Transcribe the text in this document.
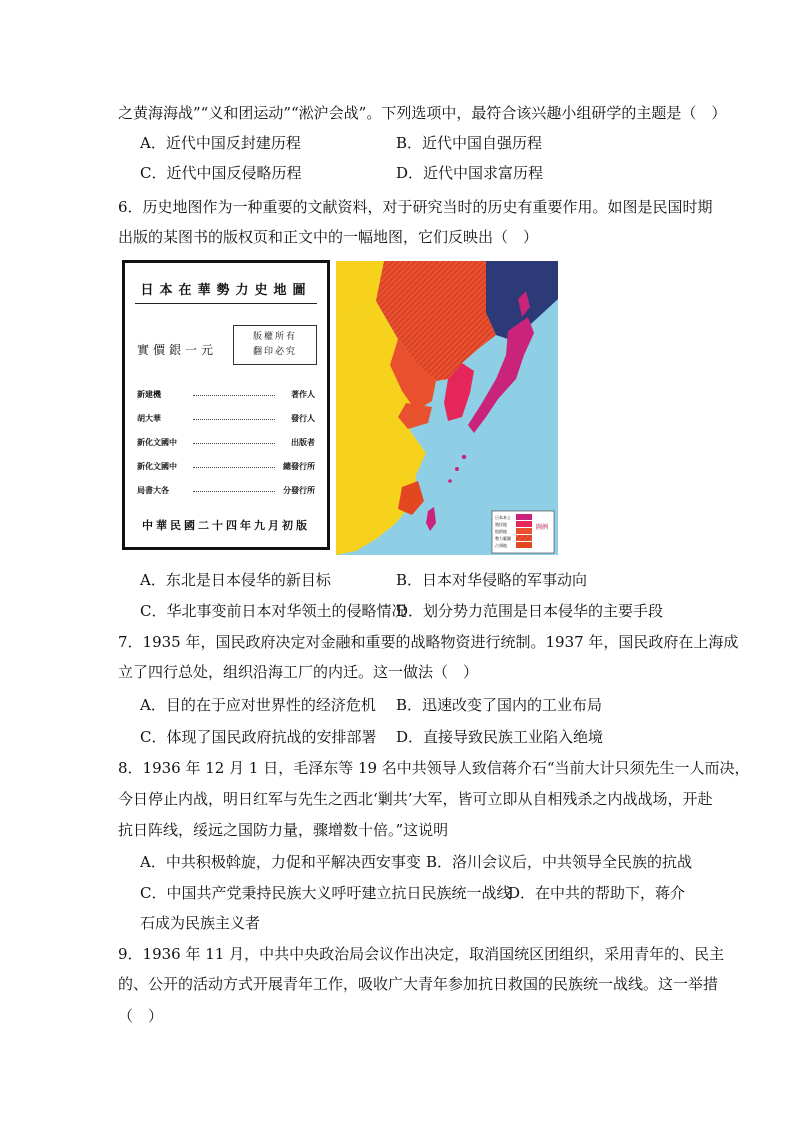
之黄海海战”“义和团运动”“淞沪会战”。下列选项中，最符合该兴趣小组研学的主题是（　）
A．近代中国反封建历程	B．近代中国自强历程
C．近代中国反侵略历程	D．近代中国求富历程
6．历史地图作为一种重要的文献资料，对于研究当时的历史有重要作用。如图是民国时期
出版的某图书的版权页和正文中的一幅地图，它们反映出（　）
日本在華勢力史地圖
實價銀一元
版權所有
翻印必究
新建機	著作人
胡大華	發行人
新化文國中	出版者
新化文國中	總發行所
局書大各	分發行所
中華民國二十四年九月初版
日本本土
殖民地
租借地
勢力範圍
占領地
圖例
A．东北是日本侵华的新目标	B．日本对华侵略的军事动向
C．华北事变前日本对华领土的侵略情况
D．划分势力范围是日本侵华的主要手段
7．1935 年，国民政府决定对金融和重要的战略物资进行统制。1937 年，国民政府在上海成
立了四行总处，组织沿海工厂的内迁。这一做法（　）
A．目的在于应对世界性的经济危机 B．迅速改变了国内的工业布局
C．体现了国民政府抗战的安排部署 D．直接导致民族工业陷入绝境
8．1936 年 12 月 1 日，毛泽东等 19 名中共领导人致信蒋介石“当前大计只须先生一人而决，
今日停止内战，明日红军与先生之西北‘剿共’大军，皆可立即从自相残杀之内战战场，开赴
抗日阵线，绥远之国防力量，骤增数十倍。”这说明
A．中共积极斡旋，力促和平解决西安事变 B．洛川会议后，中共领导全民族的抗战
C．中国共产党秉持民族大义呼吁建立抗日民族统一战线
D．在中共的帮助下，蒋介
石成为民族主义者
9．1936 年 11 月，中共中央政治局会议作出决定，取消国统区团组织，采用青年的、民主
的、公开的活动方式开展青年工作，吸收广大青年参加抗日救国的民族统一战线。这一举措
（　）
